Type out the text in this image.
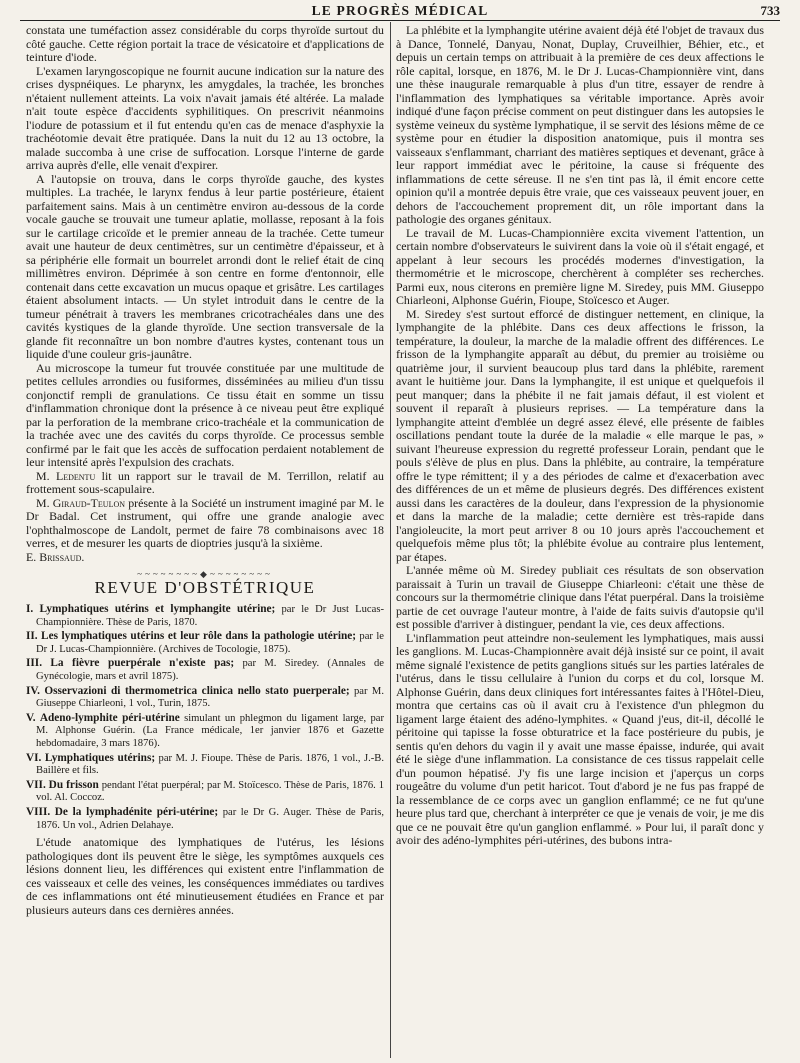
LE PROGRÈS MÉDICAL	733

constata une tuméfaction assez considérable du corps thyroïde surtout du côté gauche. Cette région portait la trace de vésicatoire et d'applications de teinture d'iode.

L'examen laryngoscopique ne fournit aucune indication sur la nature des crises dyspnéiques. Le pharynx, les amygdales, la trachée, les bronches n'étaient nullement atteints. La voix n'avait jamais été altérée. La malade n'ait toute espèce d'accidents syphilitiques. On prescrivit néanmoins l'iodure de potassium et il fut entendu qu'en cas de menace d'asphyxie la trachéotomie devait être pratiquée. Dans la nuit du 12 au 13 octobre, la malade succomba à une crise de suffocation. Lorsque l'interne de garde arriva auprès d'elle, elle venait d'expirer.

A l'autopsie on trouva, dans le corps thyroïde gauche, des kystes multiples. La trachée, le larynx fendus à leur partie postérieure, étaient parfaitement sains. Mais à un centimètre environ au-dessous de la corde vocale gauche se trouvait une tumeur aplatie, mollasse, reposant à la fois sur le cartilage cricoïde et le premier anneau de la trachée. Cette tumeur avait une hauteur de deux centimètres, sur un centimètre d'épaisseur, et à sa périphérie elle formait un bourrelet arrondi dont le relief était de cinq millimètres environ. Déprimée à son centre en forme d'entonnoir, elle contenait dans cette excavation un mucus opaque et grisâtre. Les cartilages étaient absolument intacts. — Un stylet introduit dans le centre de la tumeur pénétrait à travers les membranes cricotrachéales dans une des cavités kystiques de la glande thyroïde. Une section transversale de la glande fit reconnaître un bon nombre d'autres kystes, contenant tous un liquide d'une couleur gris-jaunâtre.

Au microscope la tumeur fut trouvée constituée par une multitude de petites cellules arrondies ou fusiformes, disséminées au milieu d'un tissu conjonctif rempli de granulations. Ce tissu était en somme un tissu d'inflammation chronique dont la présence à ce niveau peut être expliqué par la perforation de la membrane crico-trachéale et la communication de la trachée avec une des cavités du corps thyroïde. Ce processus semble confirmé par le fait que les accès de suffocation perdaient notablement de leur intensité après l'expulsion des crachats.

M. Ledentu lit un rapport sur le travail de M. Terrillon, relatif au frottement sous-scapulaire.

M. Giraud-Teulon présente à la Société un instrument imaginé par M. le Dr Badal. Cet instrument, qui offre une grande analogie avec l'ophthalmoscope de Landolt, permet de faire 78 combinaisons avec 18 verres, et de mesurer les quarts de dioptries jusqu'à la sixième.

E. Brissaud.

~~~~~~~~◆~~~~~~~~
REVUE D'OBSTÉTRIQUE

I. Lymphatiques utérins et lymphangite utérine; par le Dr Just Lucas-Championnière. Thèse de Paris, 1870.

II. Les lymphatiques utérins et leur rôle dans la pathologie utérine; par le Dr J. Lucas-Championnière. (Archives de Tocologie, 1875).

III. La fièvre puerpérale n'existe pas; par M. Siredey. (Annales de Gynécologie, mars et avril 1875).

IV. Osservazioni di thermometrica clinica nello stato puerperale; par M. Giuseppe Chiarleoni, 1 vol., Turin, 1875.

V. Adeno-lymphite péri-utérine simulant un phlegmon du ligament large, par M. Alphonse Guérin. (La France médicale, 1er janvier 1876 et Gazette hebdomadaire, 3 mars 1876).

VI. Lymphatiques utérins; par M. J. Fioupe. Thèse de Paris. 1876, 1 vol., J.-B. Baillère et fils.

VII. Du frisson pendant l'état puerpéral; par M. Stoïcesco. Thèse de Paris, 1876. 1 vol. Al. Coccoz.

VIII. De la lymphadénite péri-utérine; par le Dr G. Auger. Thèse de Paris, 1876. Un vol., Adrien Delahaye.

L'étude anatomique des lymphatiques de l'utérus, les lésions pathologiques dont ils peuvent être le siège, les symptômes auxquels ces lésions donnent lieu, les différences qui existent entre l'inflammation de ces vaisseaux et celle des veines, les conséquences immédiates ou tardives de ces inflammations ont été minutieusement étudiées en France et par plusieurs auteurs dans ces dernières années.

La phlébite et la lymphangite utérine avaient déjà été l'objet de travaux dus à Dance, Tonnelé, Danyau, Nonat, Duplay, Cruveilhier, Béhier, etc., et depuis un certain temps on attribuait à la première de ces deux affections le rôle capital, lorsque, en 1876, M. le Dr J. Lucas-Championnière vint, dans une thèse inaugurale remarquable à plus d'un titre, essayer de rendre à l'inflammation des lymphatiques sa véritable importance. Après avoir indiqué d'une façon précise comment on peut distinguer dans les autopsies le système veineux du système lymphatique, il se servit des lésions même de ce système pour en étudier la disposition anatomique, puis il montra ses vaisseaux s'enflammant, charriant des matières septiques et devenant, grâce à leur rapport immédiat avec le péritoine, la cause si fréquente des inflammations de cette séreuse. Il ne s'en tint pas là, il émit encore cette opinion qu'il a montrée depuis être vraie, que ces vaisseaux peuvent jouer, en dehors de l'accouchement proprement dit, un rôle important dans la pathologie des organes génitaux.

Le travail de M. Lucas-Championnière excita vivement l'attention, un certain nombre d'observateurs le suivirent dans la voie où il s'était engagé, et appelant à leur secours les procédés modernes d'investigation, la thermométrie et le microscope, cherchèrent à compléter ses recherches. Parmi eux, nous citerons en première ligne M. Siredey, puis MM. Giuseppo Chiarleoni, Alphonse Guérin, Fioupe, Stoïcesco et Auger.

M. Siredey s'est surtout efforcé de distinguer nettement, en clinique, la lymphangite de la phlébite. Dans ces deux affections le frisson, la température, la douleur, la marche de la maladie offrent des différences. Le frisson de la lymphangite apparaît au début, du premier au troisième ou quatrième jour, il survient beaucoup plus tard dans la phlébite, rarement avant le huitième jour. Dans la lymphangite, il est unique et quelquefois il peut manquer; dans la phébite il ne fait jamais défaut, il est violent et souvent il reparaît à plusieurs reprises. — La température dans la lymphangite atteint d'emblée un degré assez élevé, elle présente de faibles oscillations pendant toute la durée de la maladie « elle marque le pas, » suivant l'heureuse expression du regretté professeur Lorain, pendant que le pouls s'élève de plus en plus. Dans la phlébite, au contraire, la température offre le type rémittent; il y a des périodes de calme et d'exacerbation avec des différences de un et même de plusieurs degrés. Des différences existent aussi dans les caractères de la douleur, dans l'expression de la physionomie et dans la marche de la maladie; cette dernière est très-rapide dans l'angioleucite, la mort peut arriver 8 ou 10 jours après l'accouchement et quelquefois même plus tôt; la phlébite évolue au contraire plus lentement, par étapes.

L'année même où M. Siredey publiait ces résultats de son observation paraissait à Turin un travail de Giuseppe Chiarleoni: c'était une thèse de concours sur la thermométrie clinique dans l'état puerpéral. Dans la troisième partie de cet ouvrage l'auteur montre, à l'aide de faits suivis d'autopsie qu'il est possible d'arriver à distinguer, pendant la vie, ces deux affections.

L'inflammation peut atteindre non-seulement les lymphatiques, mais aussi les ganglions. M. Lucas-Championnère avait déjà insisté sur ce point, il avait même signalé l'existence de petits ganglions situés sur les parties latérales de l'utérus, dans le tissu cellulaire à l'union du corps et du col, lorsque M. Alphonse Guérin, dans deux cliniques fort intéressantes faites à l'Hôtel-Dieu, montra que certains cas où il avait cru à l'existence d'un phlegmon du ligament large étaient des adéno-lymphites. « Quand j'eus, dit-il, décollé le péritoine qui tapisse la fosse obturatrice et la face postérieure du pubis, je sentis qu'en dehors du vagin il y avait une masse épaisse, indurée, qui avait été le siège d'une inflammation. La consistance de ces tissus rappelait celle d'un poumon hépatisé. J'y fis une large incision et j'aperçus un corps rougeâtre du volume d'un petit haricot. Tout d'abord je ne fus pas frappé de la ressemblance de ce corps avec un ganglion enflammé; ce ne fut qu'une heure plus tard que, cherchant à interpréter ce que je venais de voir, je me dis que ce ne pouvait être qu'un ganglion enflammé. » Pour lui, il paraît donc y avoir des adéno-lymphites péri-utérines, des bubons intra-
